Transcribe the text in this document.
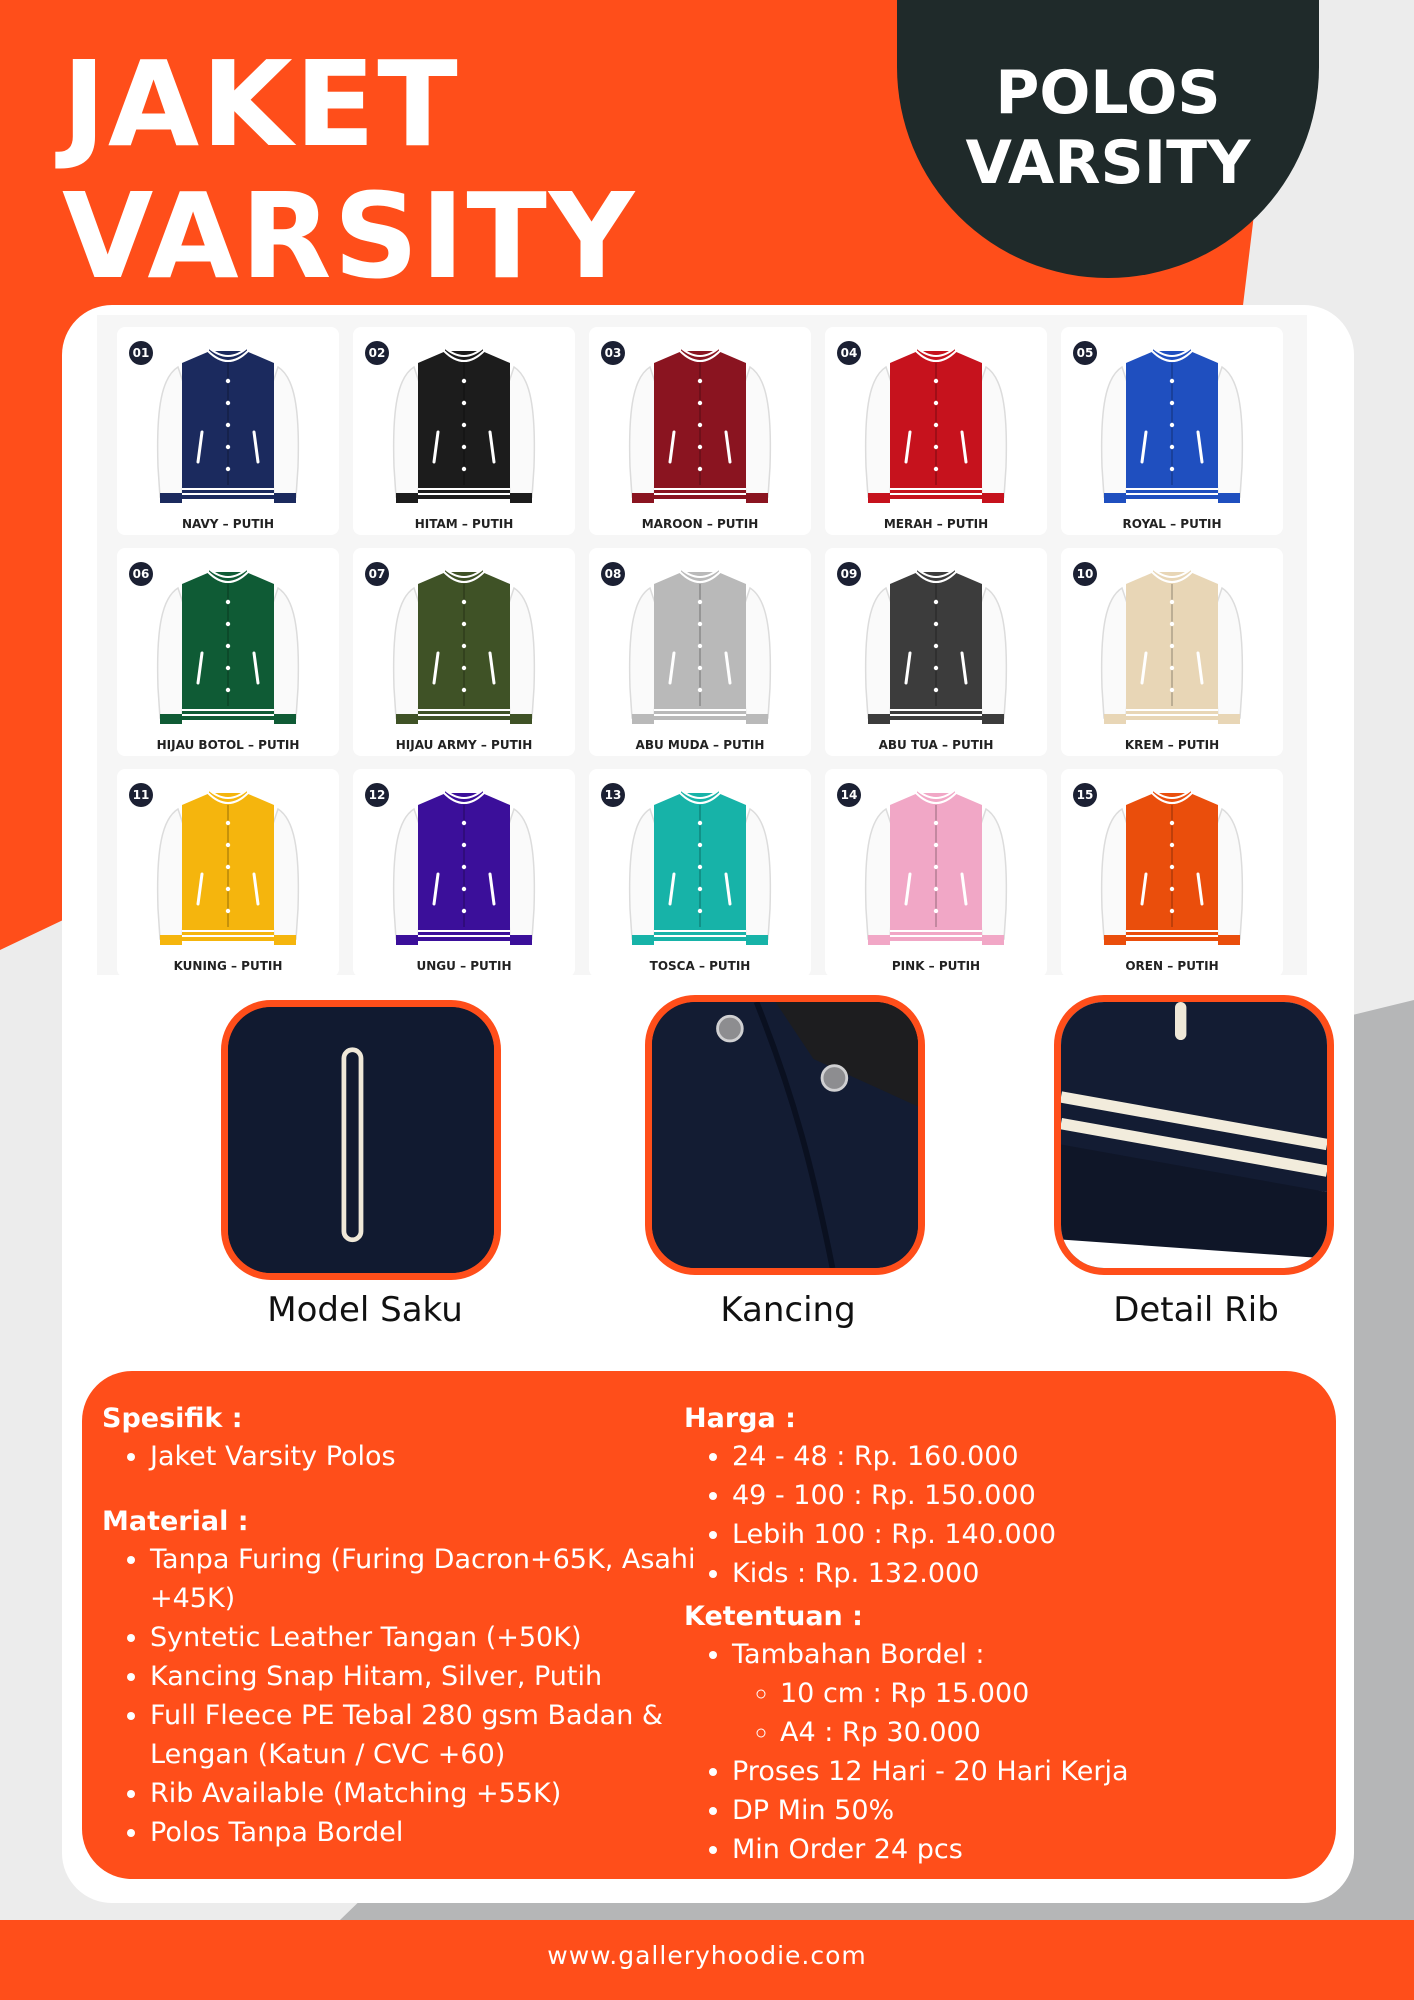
JAKET
VARSITY
POLOS
VARSITY
01
NAVY – PUTIH
02
HITAM – PUTIH
03
MAROON – PUTIH
04
MERAH – PUTIH
05
ROYAL – PUTIH
06
HIJAU BOTOL – PUTIH
07
HIJAU ARMY – PUTIH
08
ABU MUDA – PUTIH
09
ABU TUA – PUTIH
10
KREM – PUTIH
11
KUNING – PUTIH
12
UNGU – PUTIH
13
TOSCA – PUTIH
14
PINK – PUTIH
15
OREN – PUTIH
Model Saku	Kancing	Detail Rib
Spesifik :
• Jaket Varsity Polos
Material :
• Tanpa Furing (Furing Dacron+65K, Asahi +45K)
• Syntetic Leather Tangan (+50K)
• Kancing Snap Hitam, Silver, Putih
• Full Fleece PE Tebal 280 gsm Badan & Lengan (Katun / CVC +60)
• Rib Available (Matching +55K)
• Polos Tanpa Bordel
Harga :
• 24 - 48 : Rp. 160.000
• 49 - 100 : Rp. 150.000
• Lebih 100 : Rp. 140.000
• Kids : Rp. 132.000
Ketentuan :
• Tambahan Bordel :
◦ 10 cm : Rp 15.000
◦ A4 : Rp 30.000
• Proses 12 Hari - 20 Hari Kerja
• DP Min 50%
• Min Order 24 pcs
www.galleryhoodie.com
